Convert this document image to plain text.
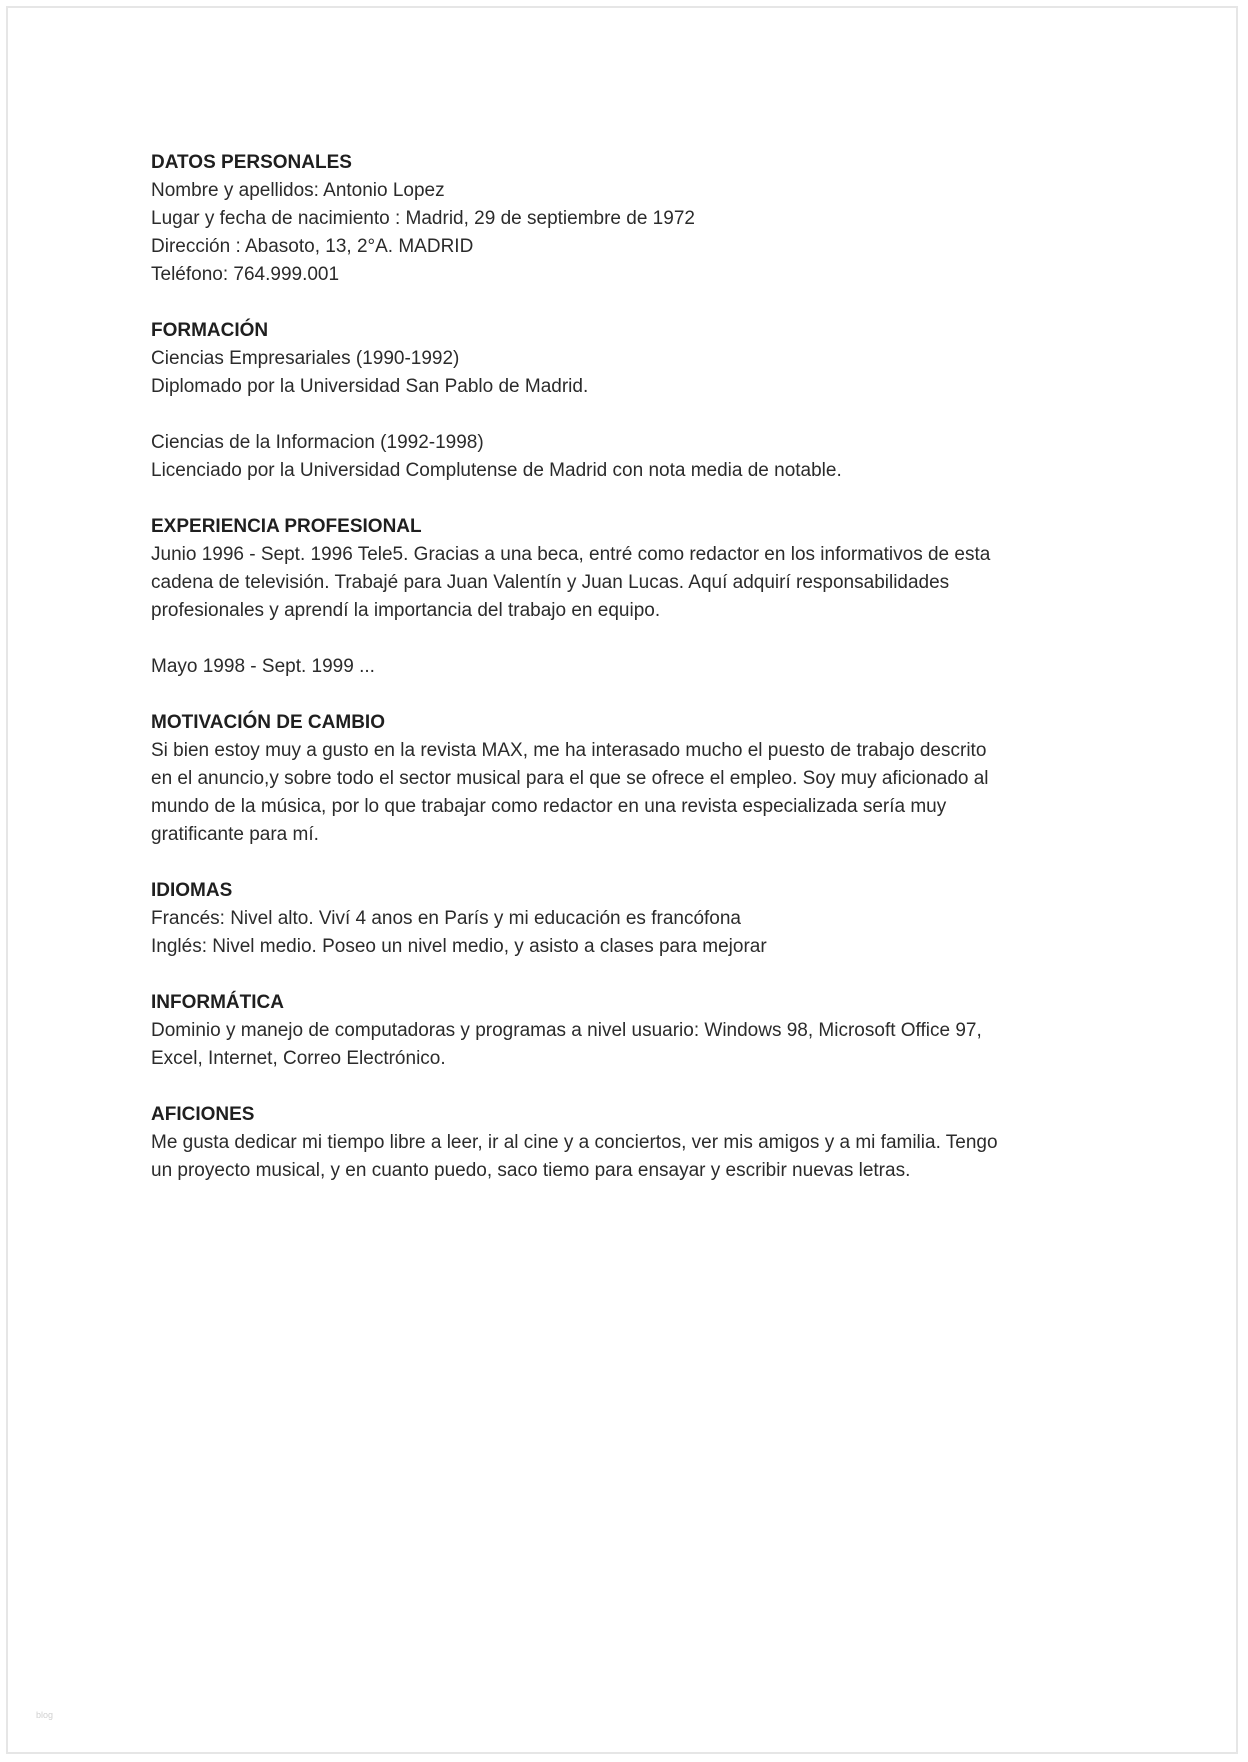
DATOS PERSONALES

Nombre y apellidos: Antonio Lopez

Lugar y fecha de nacimiento : Madrid, 29 de septiembre de 1972

Dirección : Abasoto, 13, 2°A. MADRID

Teléfono: 764.999.001

FORMACIÓN

Ciencias Empresariales (1990-1992)

Diplomado por la Universidad San Pablo de Madrid.

Ciencias de la Informacion (1992-1998)

Licenciado por la Universidad Complutense de Madrid con nota media de notable.

EXPERIENCIA PROFESIONAL

Junio 1996 - Sept. 1996 Tele5. Gracias a una beca, entré como redactor en los informativos de esta

cadena de televisión. Trabajé para Juan Valentín y Juan Lucas. Aquí adquirí responsabilidades

profesionales y aprendí la importancia del trabajo en equipo.

Mayo 1998 - Sept. 1999 ...

MOTIVACIÓN DE CAMBIO

Si bien estoy muy a gusto en la revista MAX, me ha interasado mucho el puesto de trabajo descrito

en el anuncio,y sobre todo el sector musical para el que se ofrece el empleo. Soy muy aficionado al

mundo de la música, por lo que trabajar como redactor en una revista especializada sería muy

gratificante para mí.

IDIOMAS

Francés: Nivel alto. Viví 4 anos en París y mi educación es francófona

Inglés: Nivel medio. Poseo un nivel medio, y asisto a clases para mejorar

INFORMÁTICA

Dominio y manejo de computadoras y programas a nivel usuario: Windows 98, Microsoft Office 97,

Excel, Internet, Correo Electrónico.

AFICIONES

Me gusta dedicar mi tiempo libre a leer, ir al cine y a conciertos, ver mis amigos y a mi familia. Tengo

un proyecto musical, y en cuanto puedo, saco tiemo para ensayar y escribir nuevas letras.

blog
